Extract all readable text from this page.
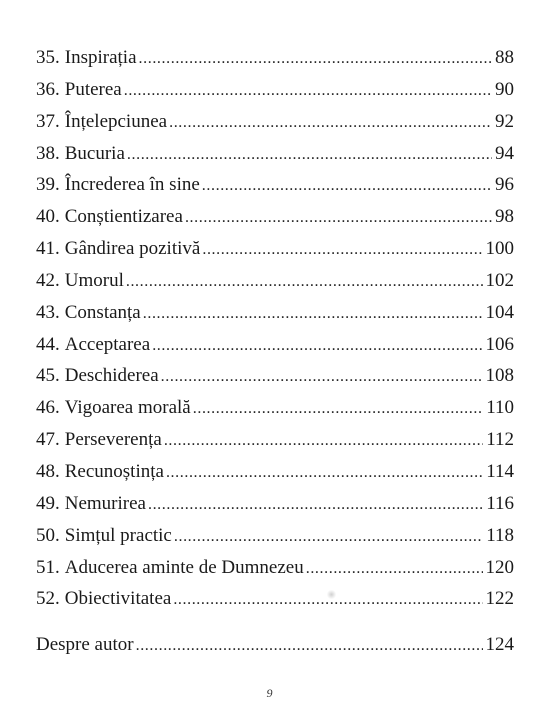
35. Inspirația .....	88
36. Puterea .....	90
37. Înțelepciunea .....	92
38. Bucuria .....	94
39. Încrederea în sine .....	96
40. Conștientizarea .....	98
41. Gândirea pozitivă .....	100
42. Umorul .....	102
43. Constanța .....	104
44. Acceptarea .....	106
45. Deschiderea .....	108
46. Vigoarea morală .....	110
47. Perseverența .....	112
48. Recunoștința .....	114
49. Nemurirea .....	116
50. Simțul practic .....	118
51. Aducerea aminte de Dumnezeu .....	120
52. Obiectivitatea .....	122
Despre autor .....	124
9
